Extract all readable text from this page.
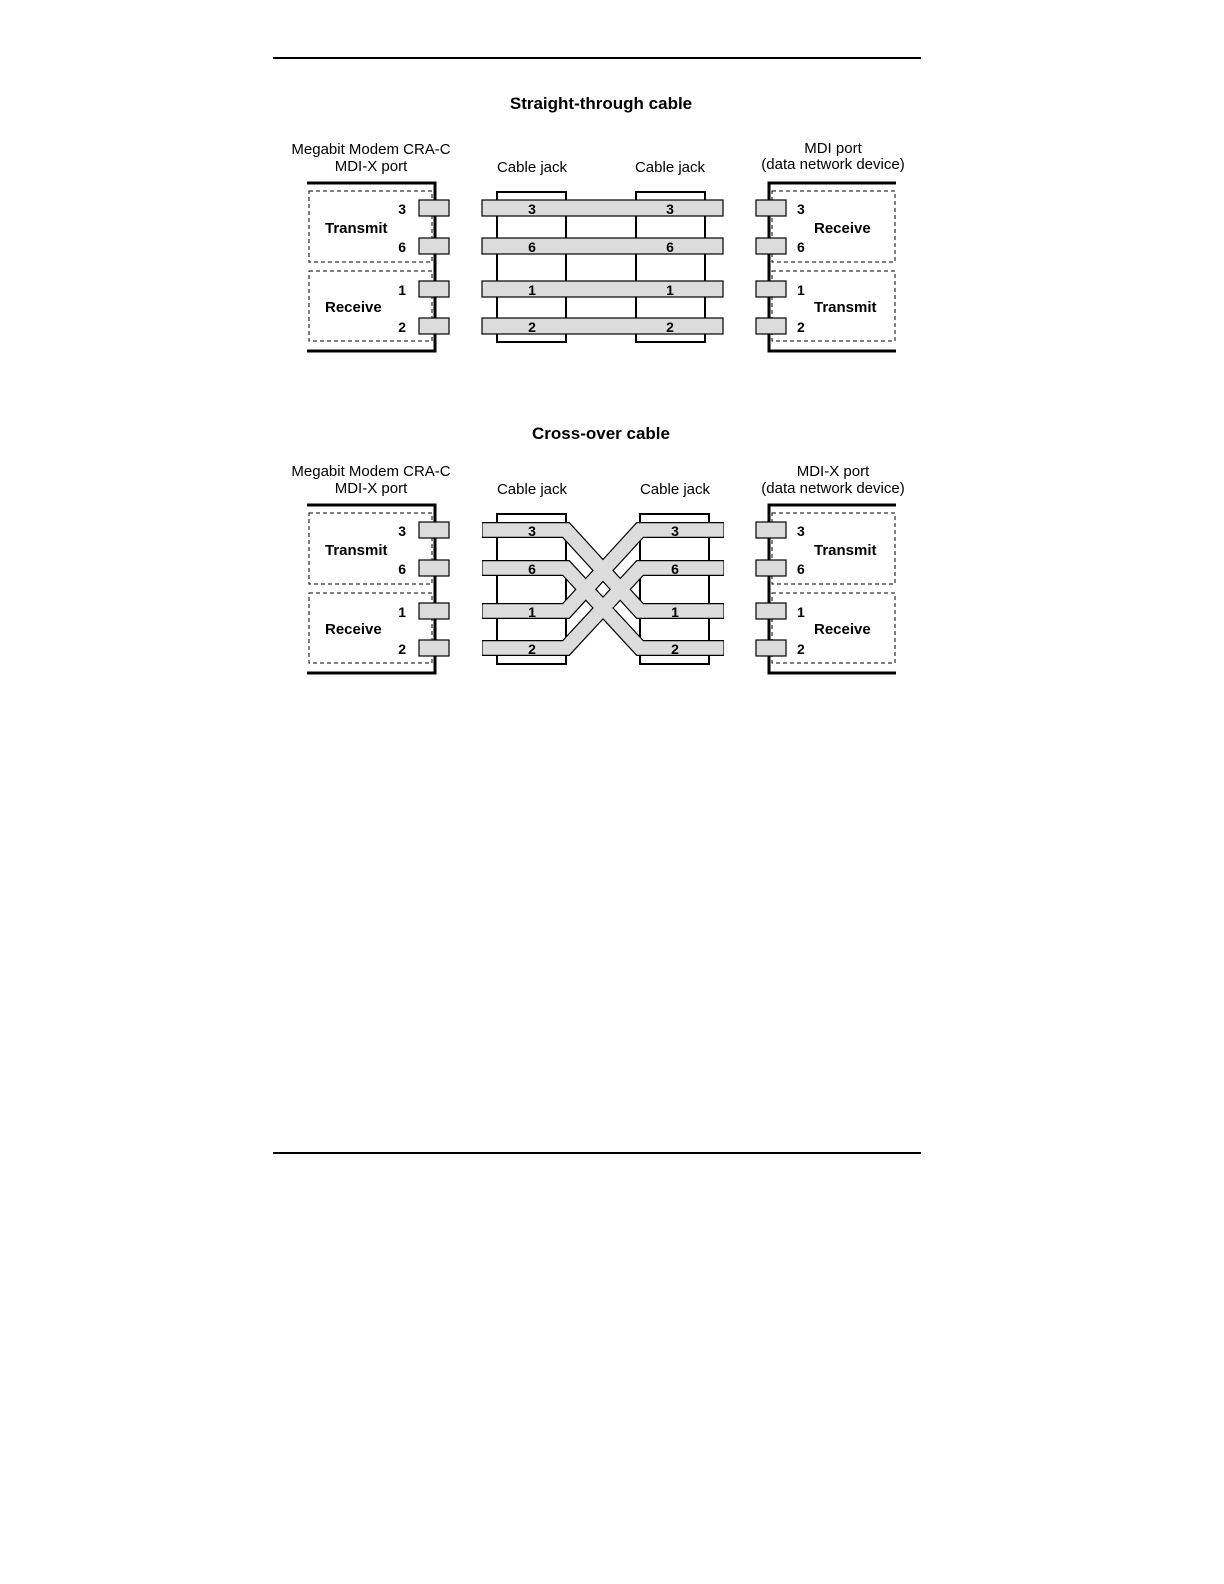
Straight-through cable
Megabit Modem CRA-C
MDI-X port
Transmit
Receive
3
6
1
2
Cable jack	Cable jack
3
6
1
2
3
6
1
2
MDI port
(data network device)
Receive
Transmit
3
6
1
2
Cross-over cable
Megabit Modem CRA-C
MDI-X port
Transmit
Receive
3
6
1
2
Cable jack	Cable jack
3
6
1
2
3
6
1
2
MDI-X port
(data network device)
Transmit
Receive
3
6
1
2
